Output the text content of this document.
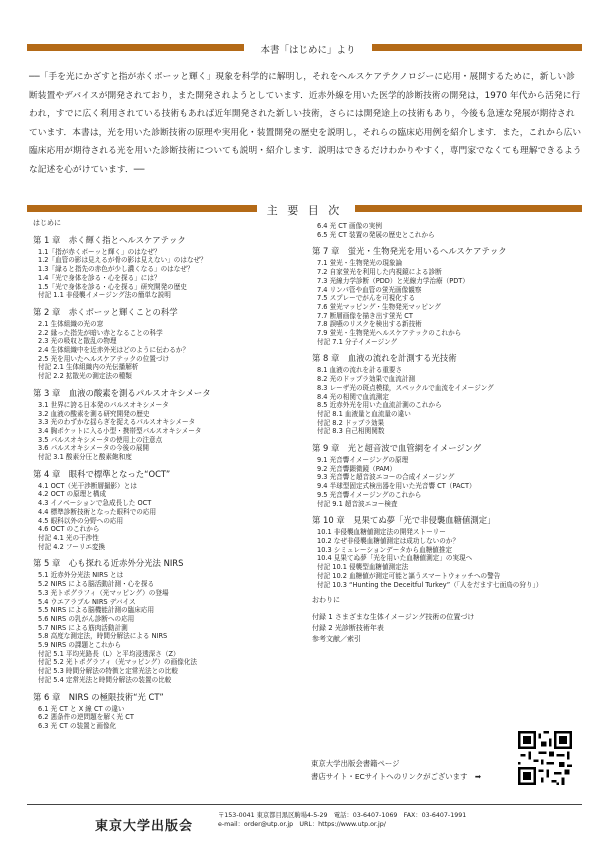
本書「はじめに」より
──「手を光にかざすと指が赤くボーッと輝く」現象を科学的に解明し，それをヘルスケアテクノロジーに応用・展開するために，新しい診断装置やデバイスが開発されており，また開発されようとしています．近赤外線を用いた医学的診断技術の開発は，1970 年代から活発に行われ，すでに広く利用されている技術もあれば近年開発された新しい技術，さらには開発途上の技術もあり，今後も急速な発展が期待されています．本書は，光を用いた診断技術の原理や実用化・装置開発の歴史を説明し，それらの臨床応用例を紹介します．また，これから広い臨床応用が期待される光を用いた診断技術についても説明・紹介します．説明はできるだけわかりやすく，専門家でなくても理解できるような記述を心がけています．──
主 要 目 次
はじめに
第 1 章　赤く輝く指とヘルスケアテック
1.1「指が赤くボーッと輝く」のはなぜ？
1.2「血管の影は見えるが骨の影は見えない」のはなぜ？
1.3「縁ると指先の赤色が少し濃くなる」のはなぜ？
1.4「光で身体を診る・心を探る」には？
1.5「光で身体を診る・心を探る」研究開発の歴史
付記 1.1 非侵襲イメージング法の簡単な説明
第 2 章　赤くボーッと輝くことの科学
2.1 生体組織の光の窓
2.2 縁った指先が暗い赤となることの科学
2.3 光の吸収と散乱の物理
2.4 生体組織中を近赤外光はどのように伝わるか？
2.5 光を用いたヘルスケアテックの位置づけ
付記 2.1 生体組織内の光伝播解析
付記 2.2 拡散光の測定法の種類
第 3 章　血液の酸素を測るパルスオキシメータ
3.1 世界に誇る日本発のパルスオキシメータ
3.2 血液の酸素を測る研究開発の歴史
3.3 光のわずかな揺らぎを捉えるパルスオキシメータ
3.4 胸ポケットに入る小型・携帯型パルスオキシメータ
3.5 パルスオキシメータの使用上の注意点
3.6 パルスオキシメータの今後の展開
付記 3.1 酸素分圧と酸素飽和度
第 4 章　眼科で標準となった“OCT”
4.1 OCT（光干渉断層撮影）とは
4.2 OCT の原理と構成
4.3 イノベーションで急成長した OCT
4.4 標準診断技術となった眼科での応用
4.5 眼科以外の分野への応用
4.6 OCT のこれから
付記 4.1 光の干渉性
付記 4.2 フーリエ変換
第 5 章　心も探れる近赤外分光法 NIRS
5.1 近赤外分光法 NIRS とは
5.2 NIRS による脳活動計測・心を探る
5.3 光トポグラフィ（光マッピング）の登場
5.4 ウエアラブル NIRS デバイス
5.5 NIRS による脳機能計測の臨床応用
5.6 NIRS の乳がん診断への応用
5.7 NIRS による筋肉活動計測
5.8 高度な測定法，時間分解法による NIRS
5.9 NIRS の課題とこれから
付記 5.1 平均光路長（L）と平均浸透深さ（Z）
付記 5.2 光トポグラフィ（光マッピング）の画像化法
付記 5.3 時間分解法の特徴と定常光法との比較
付記 5.4 定常光法と時間分解法の装置の比較
第 6 章　NIRS の極限技術“光 CT”
6.1 光 CT と X 線 CT の違い
6.2 悪条件の逆問題を解く光 CT
6.3 光 CT の装置と画像化
6.4 光 CT 画像の実例
6.5 光 CT 装置の発展の歴史とこれから
第 7 章　蛍光・生物発光を用いるヘルスケアテック
7.1 蛍光・生物発光の現象論
7.2 自家蛍光を利用した内視鏡による診断
7.3 光線力学診断（PDD）と光線力学治療（PDT）
7.4 リンパ管や血管の蛍光画像観察
7.5 スプレーでがんを可視化する
7.6 蛍光マッピング・生物発光マッピング
7.7 断層画像を描き出す蛍光 CT
7.8 誤嚥のリスクを検出する新技術
7.9 蛍光・生物発光ヘルスケアテックのこれから
付記 7.1 分子イメージング
第 8 章　血液の流れを計測する光技術
8.1 血液の流れを計る重要さ
8.2 光のドップラ効果で血流計測
8.3 レーザ光の斑点模様，スペックルで血流をイメージング
8.4 光の相関で血流測定
8.5 近赤外光を用いた血流計測のこれから
付記 8.1 血液量と血流量の違い
付記 8.2 ドップラ効果
付記 8.3 自己相関関数
第 9 章　光と超音波で血管網をイメージング
9.1 光音響イメージングの原理
9.2 光音響顕微鏡（PAM）
9.3 光音響と超音波エコーの合成イメージング
9.4 半球型固定式検出器を用いた光音響 CT（PACT）
9.5 光音響イメージングのこれから
付記 9.1 超音波エコー検査
第 10 章　見果てぬ夢「光で非侵襲血糖値測定」
10.1 非侵襲血糖値測定法の開発ストーリー
10.2 なぜ非侵襲血糖値測定は成功しないのか？
10.3 シミュレーションデータから血糖値推定
10.4 見果てぬ夢「光を用いた血糖値測定」の実現へ
付記 10.1 侵襲型血糖値測定法
付記 10.2 血糖値が測定可能と謳うスマートウォッチへの警告
付記 10.3 “Hunting the Deceitful Turkey”（「人をだます七面鳥の狩り」）
おわりに
付録 1 さまざまな生体イメージング技術の位置づけ
付録 2 光診断技術年表
参考文献／索引
東京大学出版会書籍ページ
書店サイト・ECサイトへのリンクがございます　➡
東京大学出版会
〒153-0041 東京都目黒区駒場4-5-29　電話：03-6407-1069　FAX：03-6407-1991
e-mail：order@utp.or.jp　URL：https://www.utp.or.jp/
